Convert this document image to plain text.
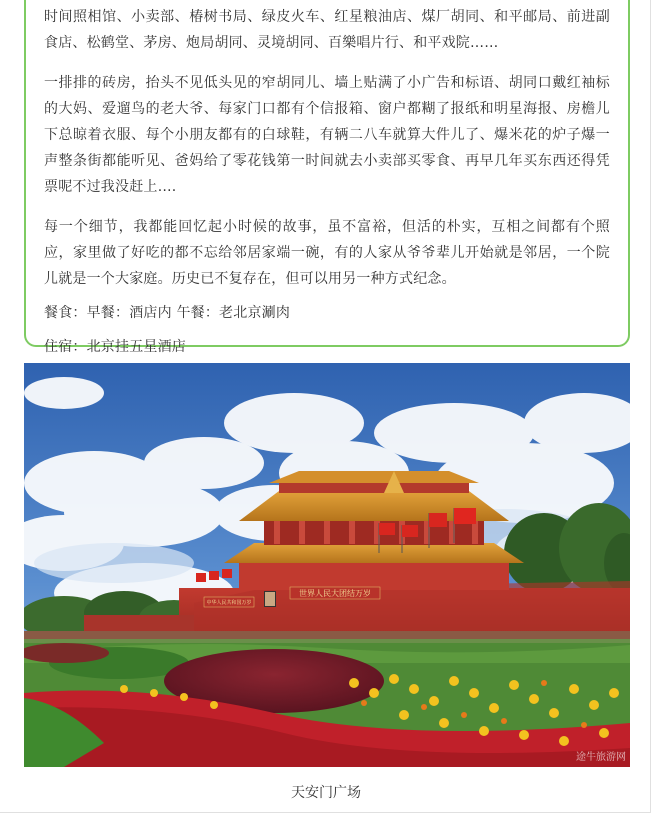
时间照相馆、小卖部、椿树书局、绿皮火车、红星粮油店、煤厂胡同、和平邮局、前进副食店、松鹤堂、茅房、炮局胡同、灵境胡同、百樂唱片行、和平戏院……

一排排的砖房，抬头不见低头见的窄胡同儿、墙上贴满了小广告和标语、胡同口戴红袖标的大妈、爱遛鸟的老大爷、每家门口都有个信报箱、窗户都糊了报纸和明星海报、房檐儿下总晾着衣服、每个小朋友都有的白球鞋，有辆二八车就算大件儿了、爆米花的炉子爆一声整条街都能听见、爸妈给了零花钱第一时间就去小卖部买零食、再早几年买东西还得凭票呢不过我没赶上….

每一个细节，我都能回忆起小时候的故事，虽不富裕，但活的朴实，互相之间都有个照应，家里做了好吃的都不忘给邻居家端一碗，有的人家从爷爷辈儿开始就是邻居，一个院儿就是一个大家庭。历史已不复存在，但可以用另一种方式纪念。

餐食：早餐：酒店内 午餐：老北京涮肉

住宿：北京挂五星酒店

世界人民大团结万岁
中华人民共和国万岁
途牛旅游网
天安门广场
